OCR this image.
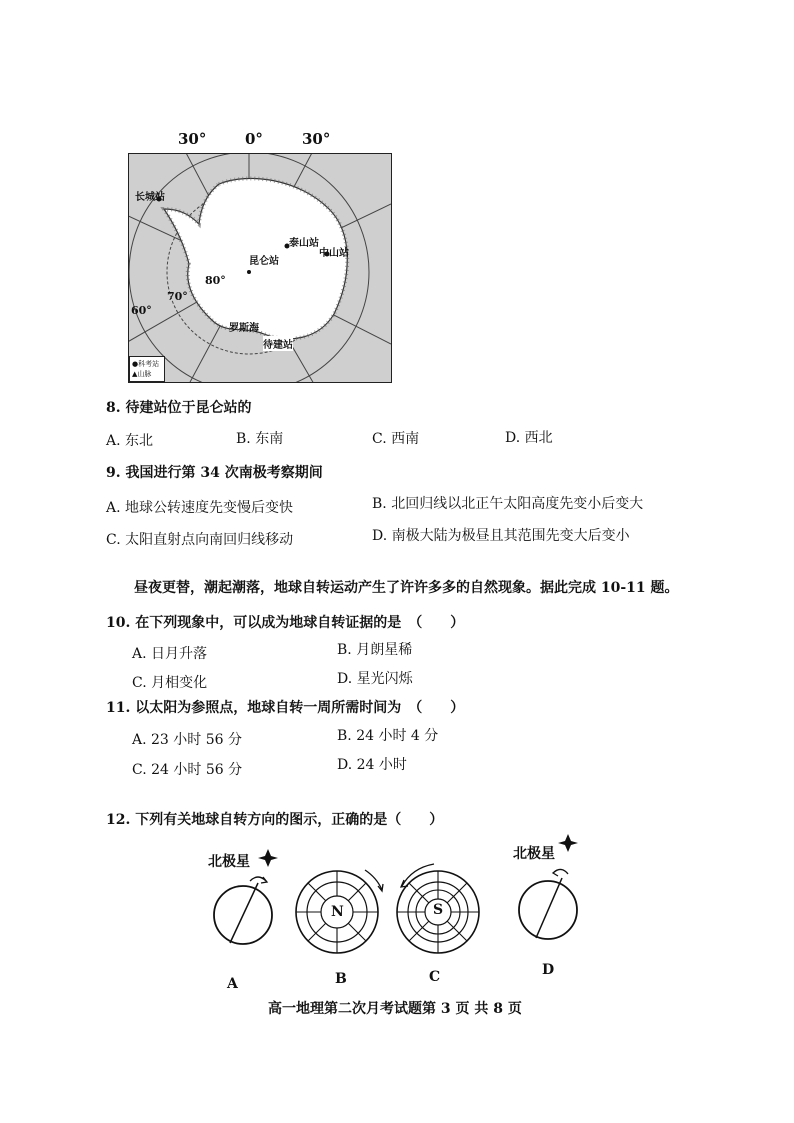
30°	0°	30°
长城站
泰山站
中山站
昆仑站
罗斯海
待建站
60°
70°
80°
●科考站
▲山脉
8. 待建站位于昆仑站的
A. 东北	B. 东南	C. 西南	D. 西北
9. 我国进行第 34 次南极考察期间
A. 地球公转速度先变慢后变快	B. 北回归线以北正午太阳高度先变小后变大
C. 太阳直射点向南回归线移动	D. 南极大陆为极昼且其范围先变大后变小
昼夜更替，潮起潮落，地球自转运动产生了许许多多的自然现象。据此完成 10-11 题。
10. 在下列现象中，可以成为地球自转证据的是　（　　）
A. 日月升落	B. 月朗星稀
C. 月相变化	D. 星光闪烁
11. 以太阳为参照点，地球自转一周所需时间为　（　　）
A. 23 小时 56 分	B. 24 小时 4 分
C. 24 小时 56 分	D. 24 小时
12. 下列有关地球自转方向的图示，正确的是（　　）
北极星
N	S
北极星
A	B	C	D
高一地理第二次月考试题第 3 页 共 8 页
